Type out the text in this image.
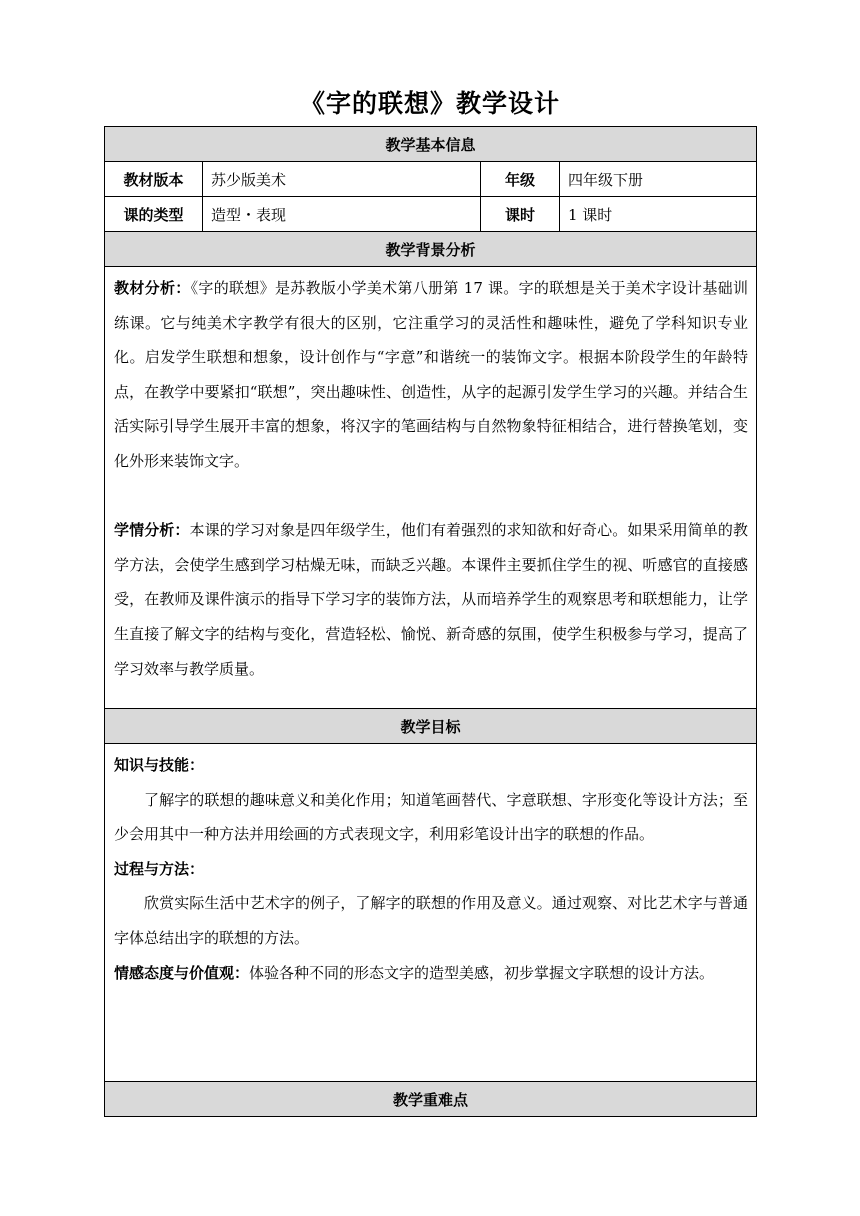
《字的联想》教学设计
教学基本信息			
教材版本	苏少版美术	年级	四年级下册
课的类型	造型・表现	课时	1 课时
教学背景分析			

教材分析：《字的联想》是苏教版小学美术第八册第 17 课。字的联想是关于美术字设计基础训练课。它与纯美术字教学有很大的区别，它注重学习的灵活性和趣味性，避免了学科知识专业化。启发学生联想和想象，设计创作与“字意”和谐统一的装饰文字。根据本阶段学生的年龄特点，在教学中要紧扣“联想”，突出趣味性、创造性，从字的起源引发学生学习的兴趣。并结合生活实际引导学生展开丰富的想象，将汉字的笔画结构与自然物象特征相结合，进行替换笔划，变化外形来装饰文字。

学情分析：本课的学习对象是四年级学生，他们有着强烈的求知欲和好奇心。如果采用简单的教学方法，会使学生感到学习枯燥无味，而缺乏兴趣。本课件主要抓住学生的视、听感官的直接感受，在教师及课件演示的指导下学习字的装饰方法，从而培养学生的观察思考和联想能力，让学生直接了解文字的结构与变化，营造轻松、愉悦、新奇感的氛围，使学生积极参与学习，提高了学习效率与教学质量。			

教学目标			

知识与技能：

了解字的联想的趣味意义和美化作用；知道笔画替代、字意联想、字形变化等设计方法；至少会用其中一种方法并用绘画的方式表现文字，利用彩笔设计出字的联想的作品。

过程与方法：

欣赏实际生活中艺术字的例子，了解字的联想的作用及意义。通过观察、对比艺术字与普通字体总结出字的联想的方法。

情感态度与价值观：体验各种不同的形态文字的造型美感，初步掌握文字联想的设计方法。			

教学重难点			
